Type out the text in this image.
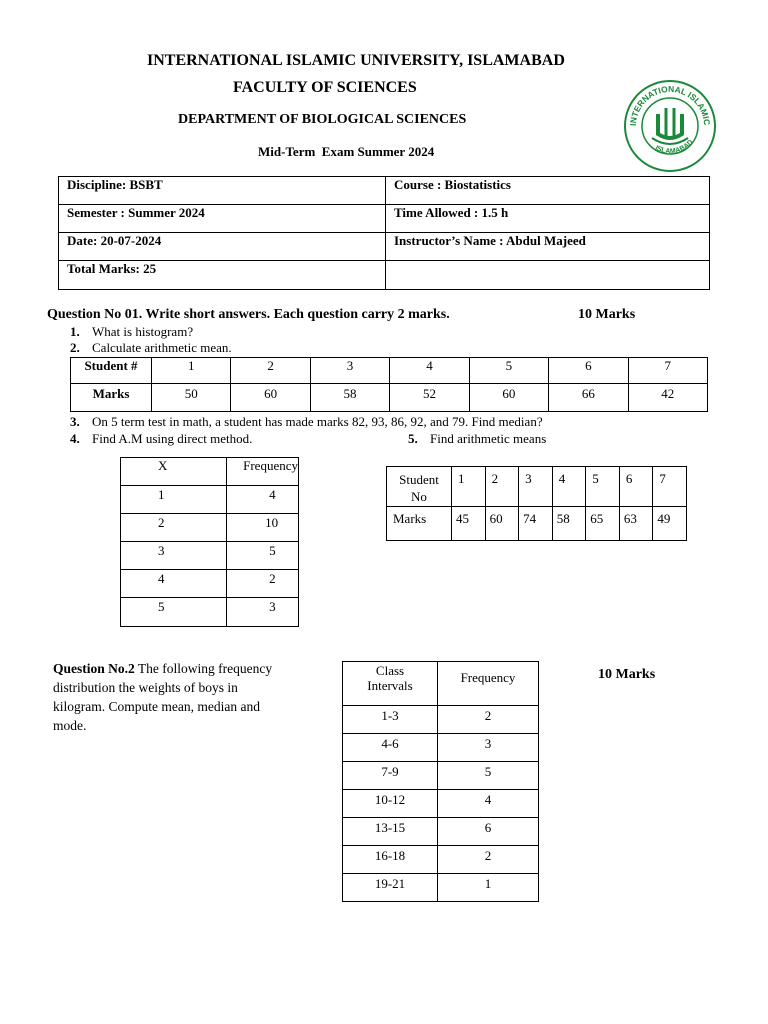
INTERNATIONAL ISLAMIC UNIVERSITY, ISLAMABAD
FACULTY OF SCIENCES
DEPARTMENT OF BIOLOGICAL SCIENCES
Mid-Term  Exam Summer 2024
INTERNATIONAL ISLAMIC
ISLAMABAD
Discipline: BSBT	Course : Biostatistics
Semester : Summer 2024	Time Allowed : 1.5 h
Date: 20-07-2024	Instructor’s Name : Abdul Majeed
Total Marks: 25	
Question No 01. Write short answers. Each question carry 2 marks.	10 Marks
1. What is histogram?
2. Calculate arithmetic mean.
Student #	1	2	3	4	5	6	7
Marks	50	60	58	52	60	66	42
3. On 5 term test in math, a student has made marks 82, 93, 86, 92, and 79. Find median?
4. Find A.M using direct method.	5. Find arithmetic means
X	Frequency
1	4
2	10
3	5
4	2
5	3
Student
No	1	2	3	4	5	6	7
Marks	45	60	74	58	65	63	49
Question No.2 The following frequency
distribution the weights of boys in
kilogram. Compute mean, median and
mode.
10 Marks
Class
Intervals	Frequency
1-3	2
4-6	3
7-9	5
10-12	4
13-15	6
16-18	2
19-21	1
